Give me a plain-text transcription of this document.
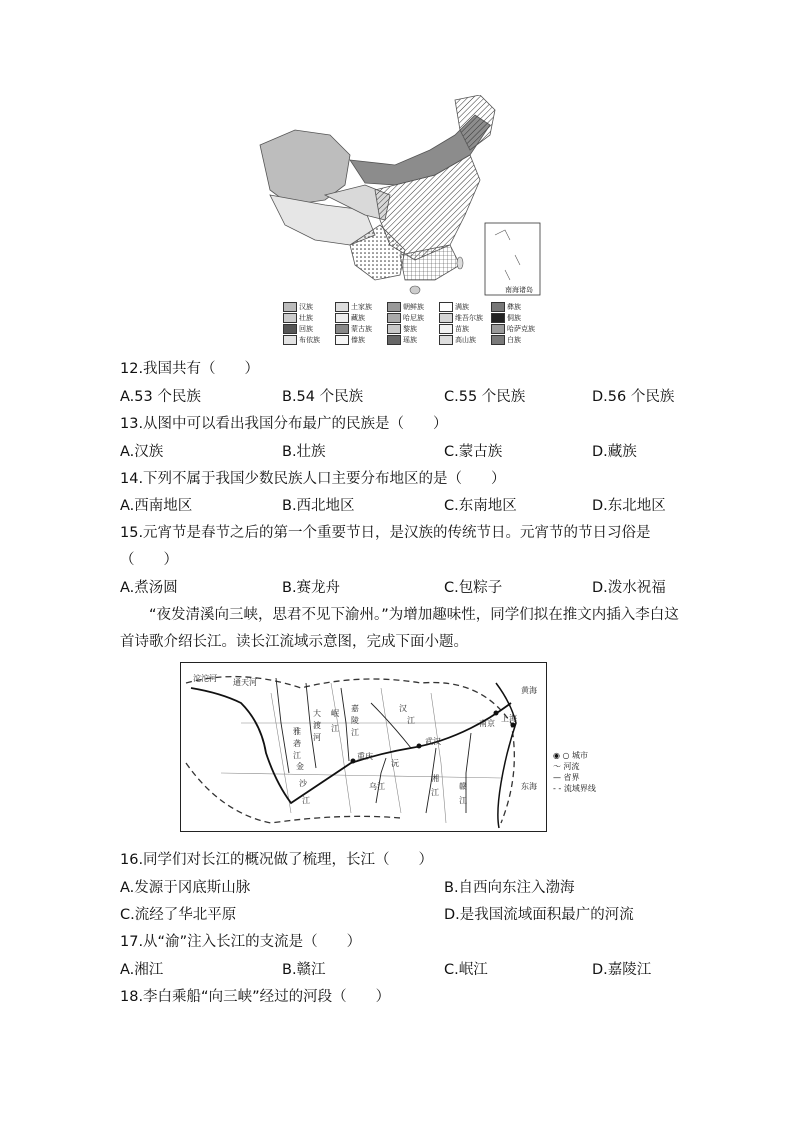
南海诸岛
汉族	土家族	朝鲜族	满族	彝族
壮族	藏族	哈尼族	维吾尔族	侗族
回族	蒙古族	黎族	苗族	哈萨克族
布依族	傣族	瑶族	高山族	白族
12.我国共有（　　）
A.53 个民族	B.54 个民族	C.55 个民族	D.56 个民族
13.从图中可以看出我国分布最广的民族是（　　）
A.汉族	B.壮族	C.蒙古族	D.藏族
14.下列不属于我国少数民族人口主要分布地区的是（　　）
A.西南地区	B.西北地区	C.东南地区	D.东北地区
15.元宵节是春节之后的第一个重要节日，是汉族的传统节日。元宵节的节日习俗是
（　　）
A.煮汤圆	B.赛龙舟	C.包粽子	D.泼水祝福
“夜发清溪向三峡，思君不见下渝州。”为增加趣味性，同学们拟在推文内插入李白这首诗歌介绍长江。读长江流域示意图，完成下面小题。
沱沱河 通天河
金
沙
江
雅
砻
江
大
渡
河
岷
江
嘉
陵
江
汉
江
乌江
沅
湘
江
赣
江
重庆
武汉
南京
上海
黄海
东海
◉ ○ 城市
〜 河流
— 省界
- - 流域界线
16.同学们对长江的概况做了梳理，长江（　　）
A.发源于冈底斯山脉	B.自西向东注入渤海
C.流经了华北平原	D.是我国流域面积最广的河流
17.从“渝”注入长江的支流是（　　）
A.湘江	B.赣江	C.岷江	D.嘉陵江
18.李白乘船“向三峡”经过的河段（　　）
